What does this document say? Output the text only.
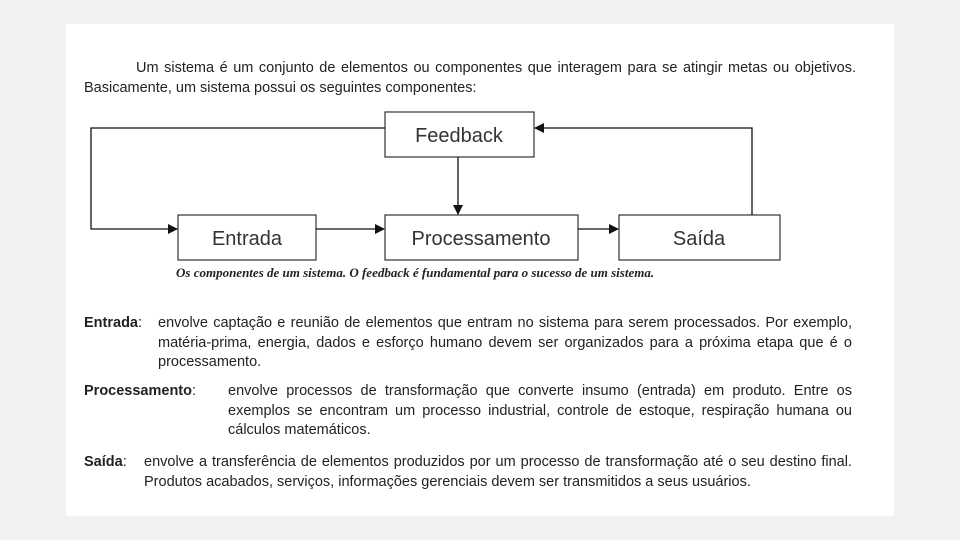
Um sistema é um conjunto de elementos ou componentes que interagem para se atingir metas ou objetivos. Basicamente, um sistema possui os seguintes componentes:

Feedback
Entrada	Processamento	Saída

Os componentes de um sistema. O feedback é fundamental para o sucesso de um sistema.

Entrada : envolve captação e reunião de elementos que entram no sistema para serem processados. Por exemplo, matéria-prima, energia, dados e esforço humano devem ser organizados para a próxima etapa que é o processamento.
Processamento : envolve processos de transformação que converte insumo (entrada) em produto. Entre os exemplos se encontram um processo industrial, controle de estoque, respiração humana ou cálculos matemáticos.
Saída : envolve a transferência de elementos produzidos por um processo de transformação até o seu destino final. Produtos acabados, serviços, informações gerenciais devem ser transmitidos a seus usuários.
